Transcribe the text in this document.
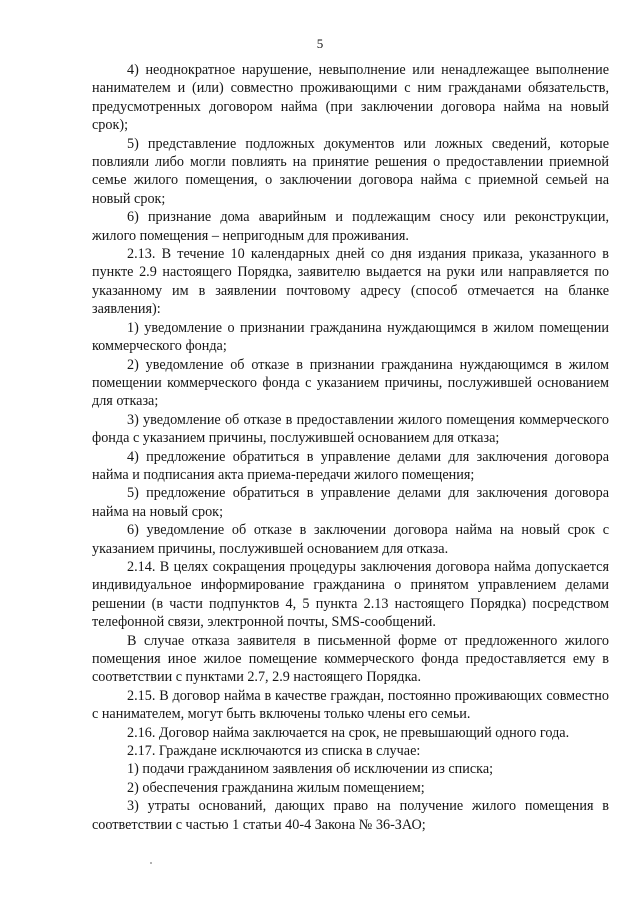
5

4) неоднократное нарушение, невыполнение или ненадлежащее выполнение нанимателем и (или) совместно проживающими с ним гражданами обязательств, предусмотренных договором найма (при заключении договора найма на новый срок);

5) представление подложных документов или ложных сведений, которые повлияли либо могли повлиять на принятие решения о предоставлении приемной семье жилого помещения, о заключении договора найма с приемной семьей на новый срок;

6) признание дома аварийным и подлежащим сносу или реконструкции, жилого помещения – непригодным для проживания.

2.13. В течение 10 календарных дней со дня издания приказа, указанного в пункте 2.9 настоящего Порядка, заявителю выдается на руки или направляется по указанному им в заявлении почтовому адресу (способ отмечается на бланке заявления):

1) уведомление о признании гражданина нуждающимся в жилом помещении коммерческого фонда;

2) уведомление об отказе в признании гражданина нуждающимся в жилом помещении коммерческого фонда с указанием причины, послужившей основанием для отказа;

3) уведомление об отказе в предоставлении жилого помещения коммерческого фонда с указанием причины, послужившей основанием для отказа;

4) предложение обратиться в управление делами для заключения договора найма и подписания акта приема-передачи жилого помещения;

5) предложение обратиться в управление делами для заключения договора найма на новый срок;

6) уведомление об отказе в заключении договора найма на новый срок с указанием причины, послужившей основанием для отказа.

2.14. В целях сокращения процедуры заключения договора найма допускается индивидуальное информирование гражданина о принятом управлением делами решении (в части подпунктов 4, 5 пункта 2.13 настоящего Порядка) посредством телефонной связи, электронной почты, SMS-сообщений.

В случае отказа заявителя в письменной форме от предложенного жилого помещения иное жилое помещение коммерческого фонда предоставляется ему в соответствии с пунктами 2.7, 2.9 настоящего Порядка.

2.15. В договор найма в качестве граждан, постоянно проживающих совместно с нанимателем, могут быть включены только члены его семьи.

2.16. Договор найма заключается на срок, не превышающий одного года.

2.17. Граждане исключаются из списка в случае:

1) подачи гражданином заявления об исключении из списка;

2) обеспечения гражданина жилым помещением;

3) утраты оснований, дающих право на получение жилого помещения в соответствии с частью 1 статьи 40-4 Закона № 36-ЗАО;
